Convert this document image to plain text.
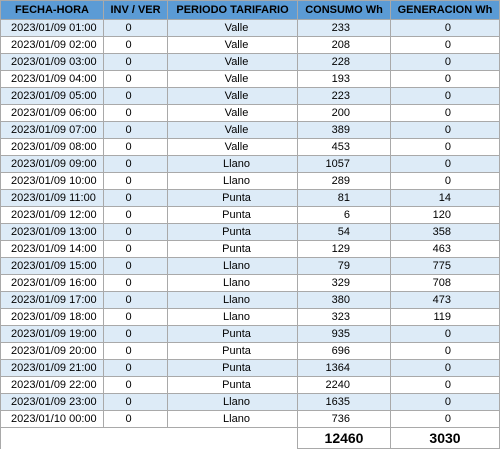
FECHA-HORA	INV / VER	PERIODO TARIFARIO	CONSUMO Wh	GENERACION Wh
2023/01/09 01:00	0	Valle	233	0
2023/01/09 02:00	0	Valle	208	0
2023/01/09 03:00	0	Valle	228	0
2023/01/09 04:00	0	Valle	193	0
2023/01/09 05:00	0	Valle	223	0
2023/01/09 06:00	0	Valle	200	0
2023/01/09 07:00	0	Valle	389	0
2023/01/09 08:00	0	Valle	453	0
2023/01/09 09:00	0	Llano	1057	0
2023/01/09 10:00	0	Llano	289	0
2023/01/09 11:00	0	Punta	81	14
2023/01/09 12:00	0	Punta	6	120
2023/01/09 13:00	0	Punta	54	358
2023/01/09 14:00	0	Punta	129	463
2023/01/09 15:00	0	Llano	79	775
2023/01/09 16:00	0	Llano	329	708
2023/01/09 17:00	0	Llano	380	473
2023/01/09 18:00	0	Llano	323	119
2023/01/09 19:00	0	Punta	935	0
2023/01/09 20:00	0	Punta	696	0
2023/01/09 21:00	0	Punta	1364	0
2023/01/09 22:00	0	Punta	2240	0
2023/01/09 23:00	0	Llano	1635	0
2023/01/10 00:00	0	Llano	736	0
			12460	3030
